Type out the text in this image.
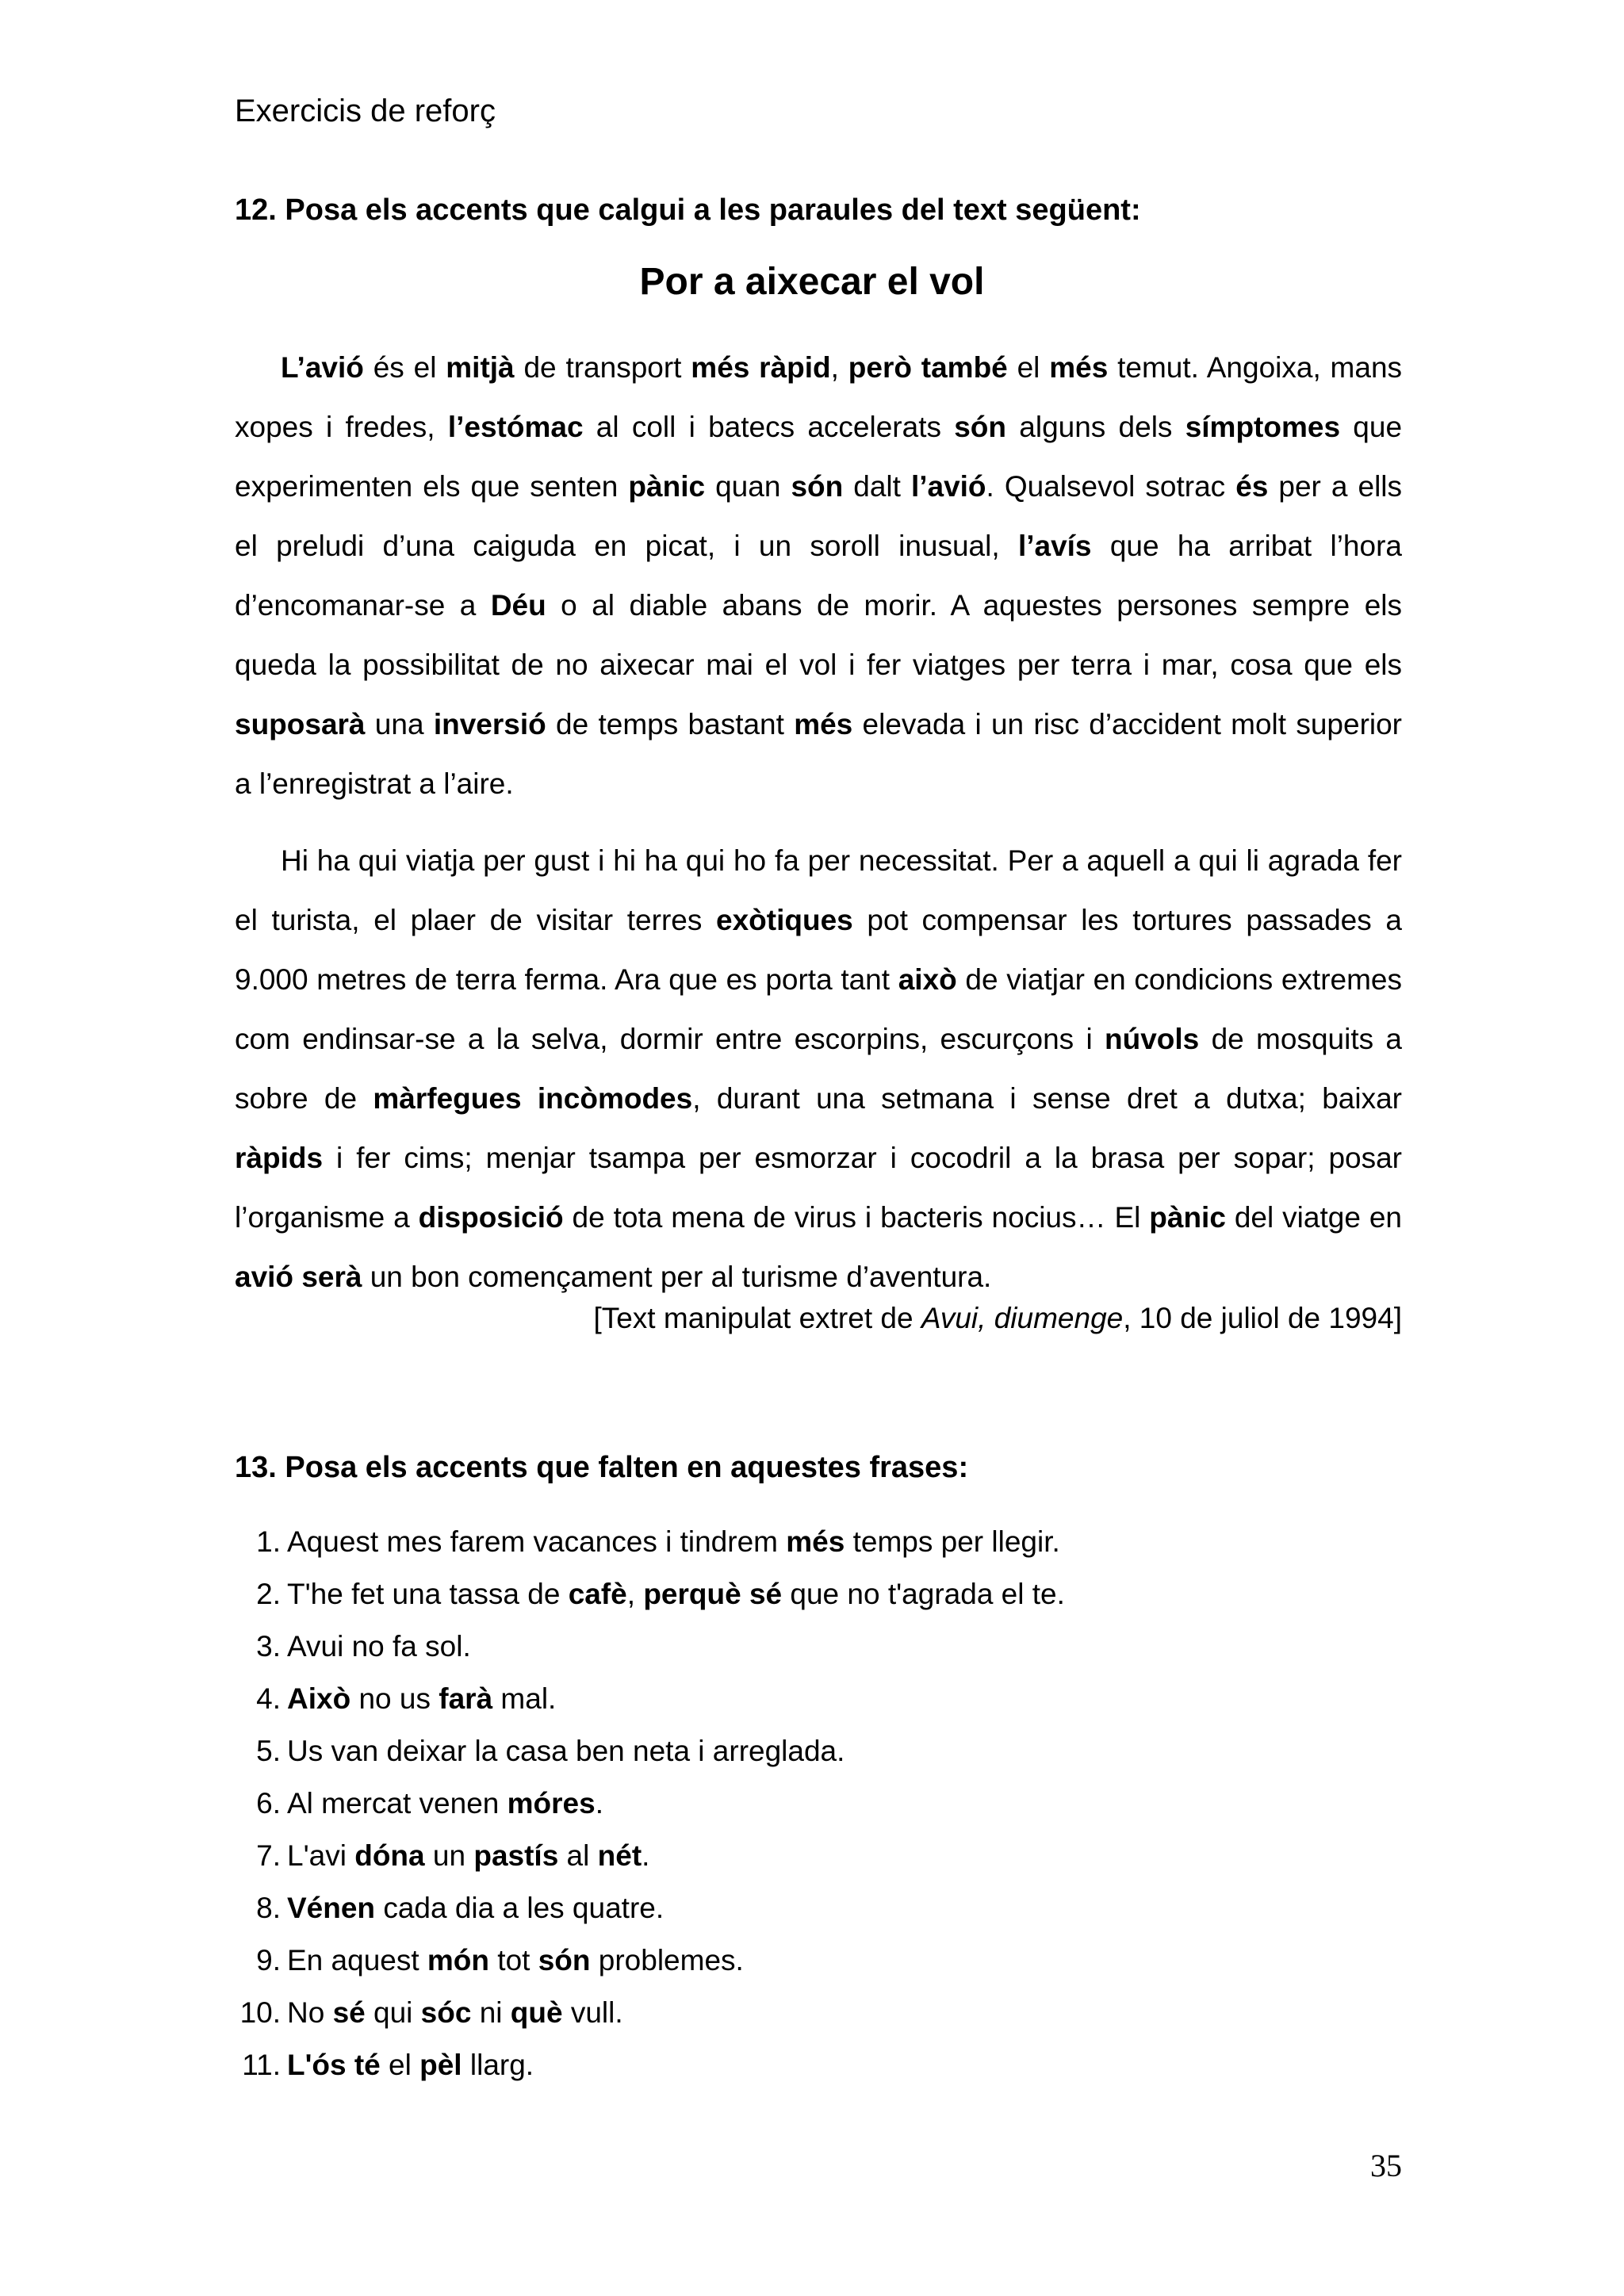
Exercicis de reforç
12. Posa els accents que calgui a les paraules del text següent:
Por a aixecar el vol

L’avió és el mitjà de transport més ràpid, però també el més temut. Angoixa, mans xopes i fredes, l’estómac al coll i batecs accelerats són alguns dels símptomes que experimenten els que senten pànic quan són dalt l’avió. Qualsevol sotrac és per a ells el preludi d’una caiguda en picat, i un soroll inusual, l’avís que ha arribat l’hora d’encomanar-se a Déu o al diable abans de morir. A aquestes persones sempre els queda la possibilitat de no aixecar mai el vol i fer viatges per terra i mar, cosa que els suposarà una inversió de temps bastant més elevada i un risc d’accident molt superior a l’enregistrat a l’aire.

Hi ha qui viatja per gust i hi ha qui ho fa per necessitat. Per a aquell a qui li agrada fer el turista, el plaer de visitar terres exòtiques pot compensar les tortures passades a 9.000 metres de terra ferma. Ara que es porta tant això de viatjar en condicions extremes com endinsar-se a la selva, dormir entre escorpins, escurçons i núvols de mosquits a sobre de màrfegues incòmodes, durant una setmana i sense dret a dutxa; baixar ràpids i fer cims; menjar tsampa per esmorzar i cocodril a la brasa per sopar; posar l’organisme a disposició de tota mena de virus i bacteris nocius… El pànic del viatge en avió serà un bon començament per al turisme d’aventura.

[Text manipulat extret de Avui, diumenge, 10 de juliol de 1994]
13. Posa els accents que falten en aquestes frases:
1. Aquest mes farem vacances i tindrem més temps per llegir.
2. T'he fet una tassa de cafè, perquè sé que no t'agrada el te.
3. Avui no fa sol.
4. Això no us farà mal.
5. Us van deixar la casa ben neta i arreglada.
6. Al mercat venen móres.
7. L'avi dóna un pastís al nét.
8. Vénen cada dia a les quatre.
9. En aquest món tot són problemes.
10. No sé qui sóc ni què vull.
11. L'ós té el pèl llarg.
35
